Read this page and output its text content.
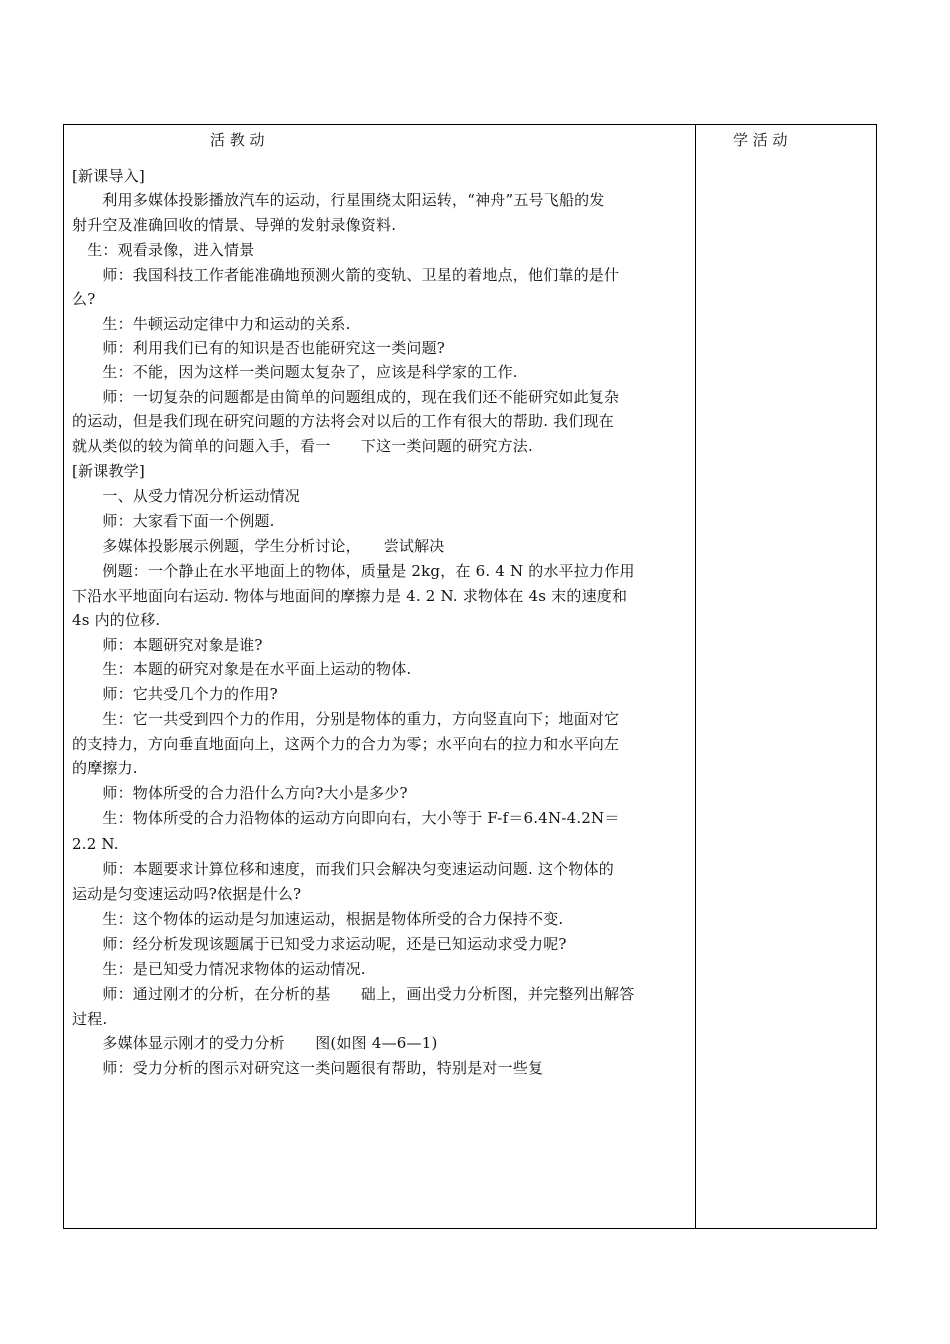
活 教 动	学 活 动
[新课导入]
　　利用多媒体投影播放汽车的运动，行星围绕太阳运转，“神舟”五号飞船的发
射升空及准确回收的情景、导弹的发射录像资料.
　生：观看录像，进入情景
　　师：我国科技工作者能准确地预测火箭的变轨、卫星的着地点，他们靠的是什
么?
　　生：牛顿运动定律中力和运动的关系.
　　师：利用我们已有的知识是否也能研究这一类问题?
　　生：不能，因为这样一类问题太复杂了，应该是科学家的工作.
　　师：一切复杂的问题都是由简单的问题组成的，现在我们还不能研究如此复杂
的运动，但是我们现在研究问题的方法将会对以后的工作有很大的帮助. 我们现在
就从类似的较为简单的问题入手，看一　　下这一类问题的研究方法.
[新课教学]
　　一、从受力情况分析运动情况
　　师：大家看下面一个例题.
　　多媒体投影展示例题，学生分析讨论，　　尝试解决
　　例题：一个静止在水平地面上的物体，质量是 2kg，在 6. 4 N 的水平拉力作用
下沿水平地面向右运动. 物体与地面间的摩擦力是 4. 2 N. 求物体在 4s 末的速度和
4s 内的位移.
　　师：本题研究对象是谁?
　　生：本题的研究对象是在水平面上运动的物体.
　　师：它共受几个力的作用?
　　生：它一共受到四个力的作用，分别是物体的重力，方向竖直向下；地面对它
的支持力，方向垂直地面向上，这两个力的合力为零；水平向右的拉力和水平向左
的摩擦力.
　　师：物体所受的合力沿什么方向?大小是多少?
　　生：物体所受的合力沿物体的运动方向即向右，大小等于 F-f＝6.4N-4.2N＝
2.2 N.
　　师：本题要求计算位移和速度，而我们只会解决匀变速运动问题. 这个物体的
运动是匀变速运动吗?依据是什么?
　　生：这个物体的运动是匀加速运动，根据是物体所受的合力保持不变.
　　师：经分析发现该题属于已知受力求运动呢，还是已知运动求受力呢?
　　生：是已知受力情况求物体的运动情况.
　　师：通过刚才的分析，在分析的基　　础上，画出受力分析图，并完整列出解答
过程.
　　多媒体显示刚才的受力分析　　图(如图 4—6—1)
　　师：受力分析的图示对研究这一类问题很有帮助，特别是对一些复
